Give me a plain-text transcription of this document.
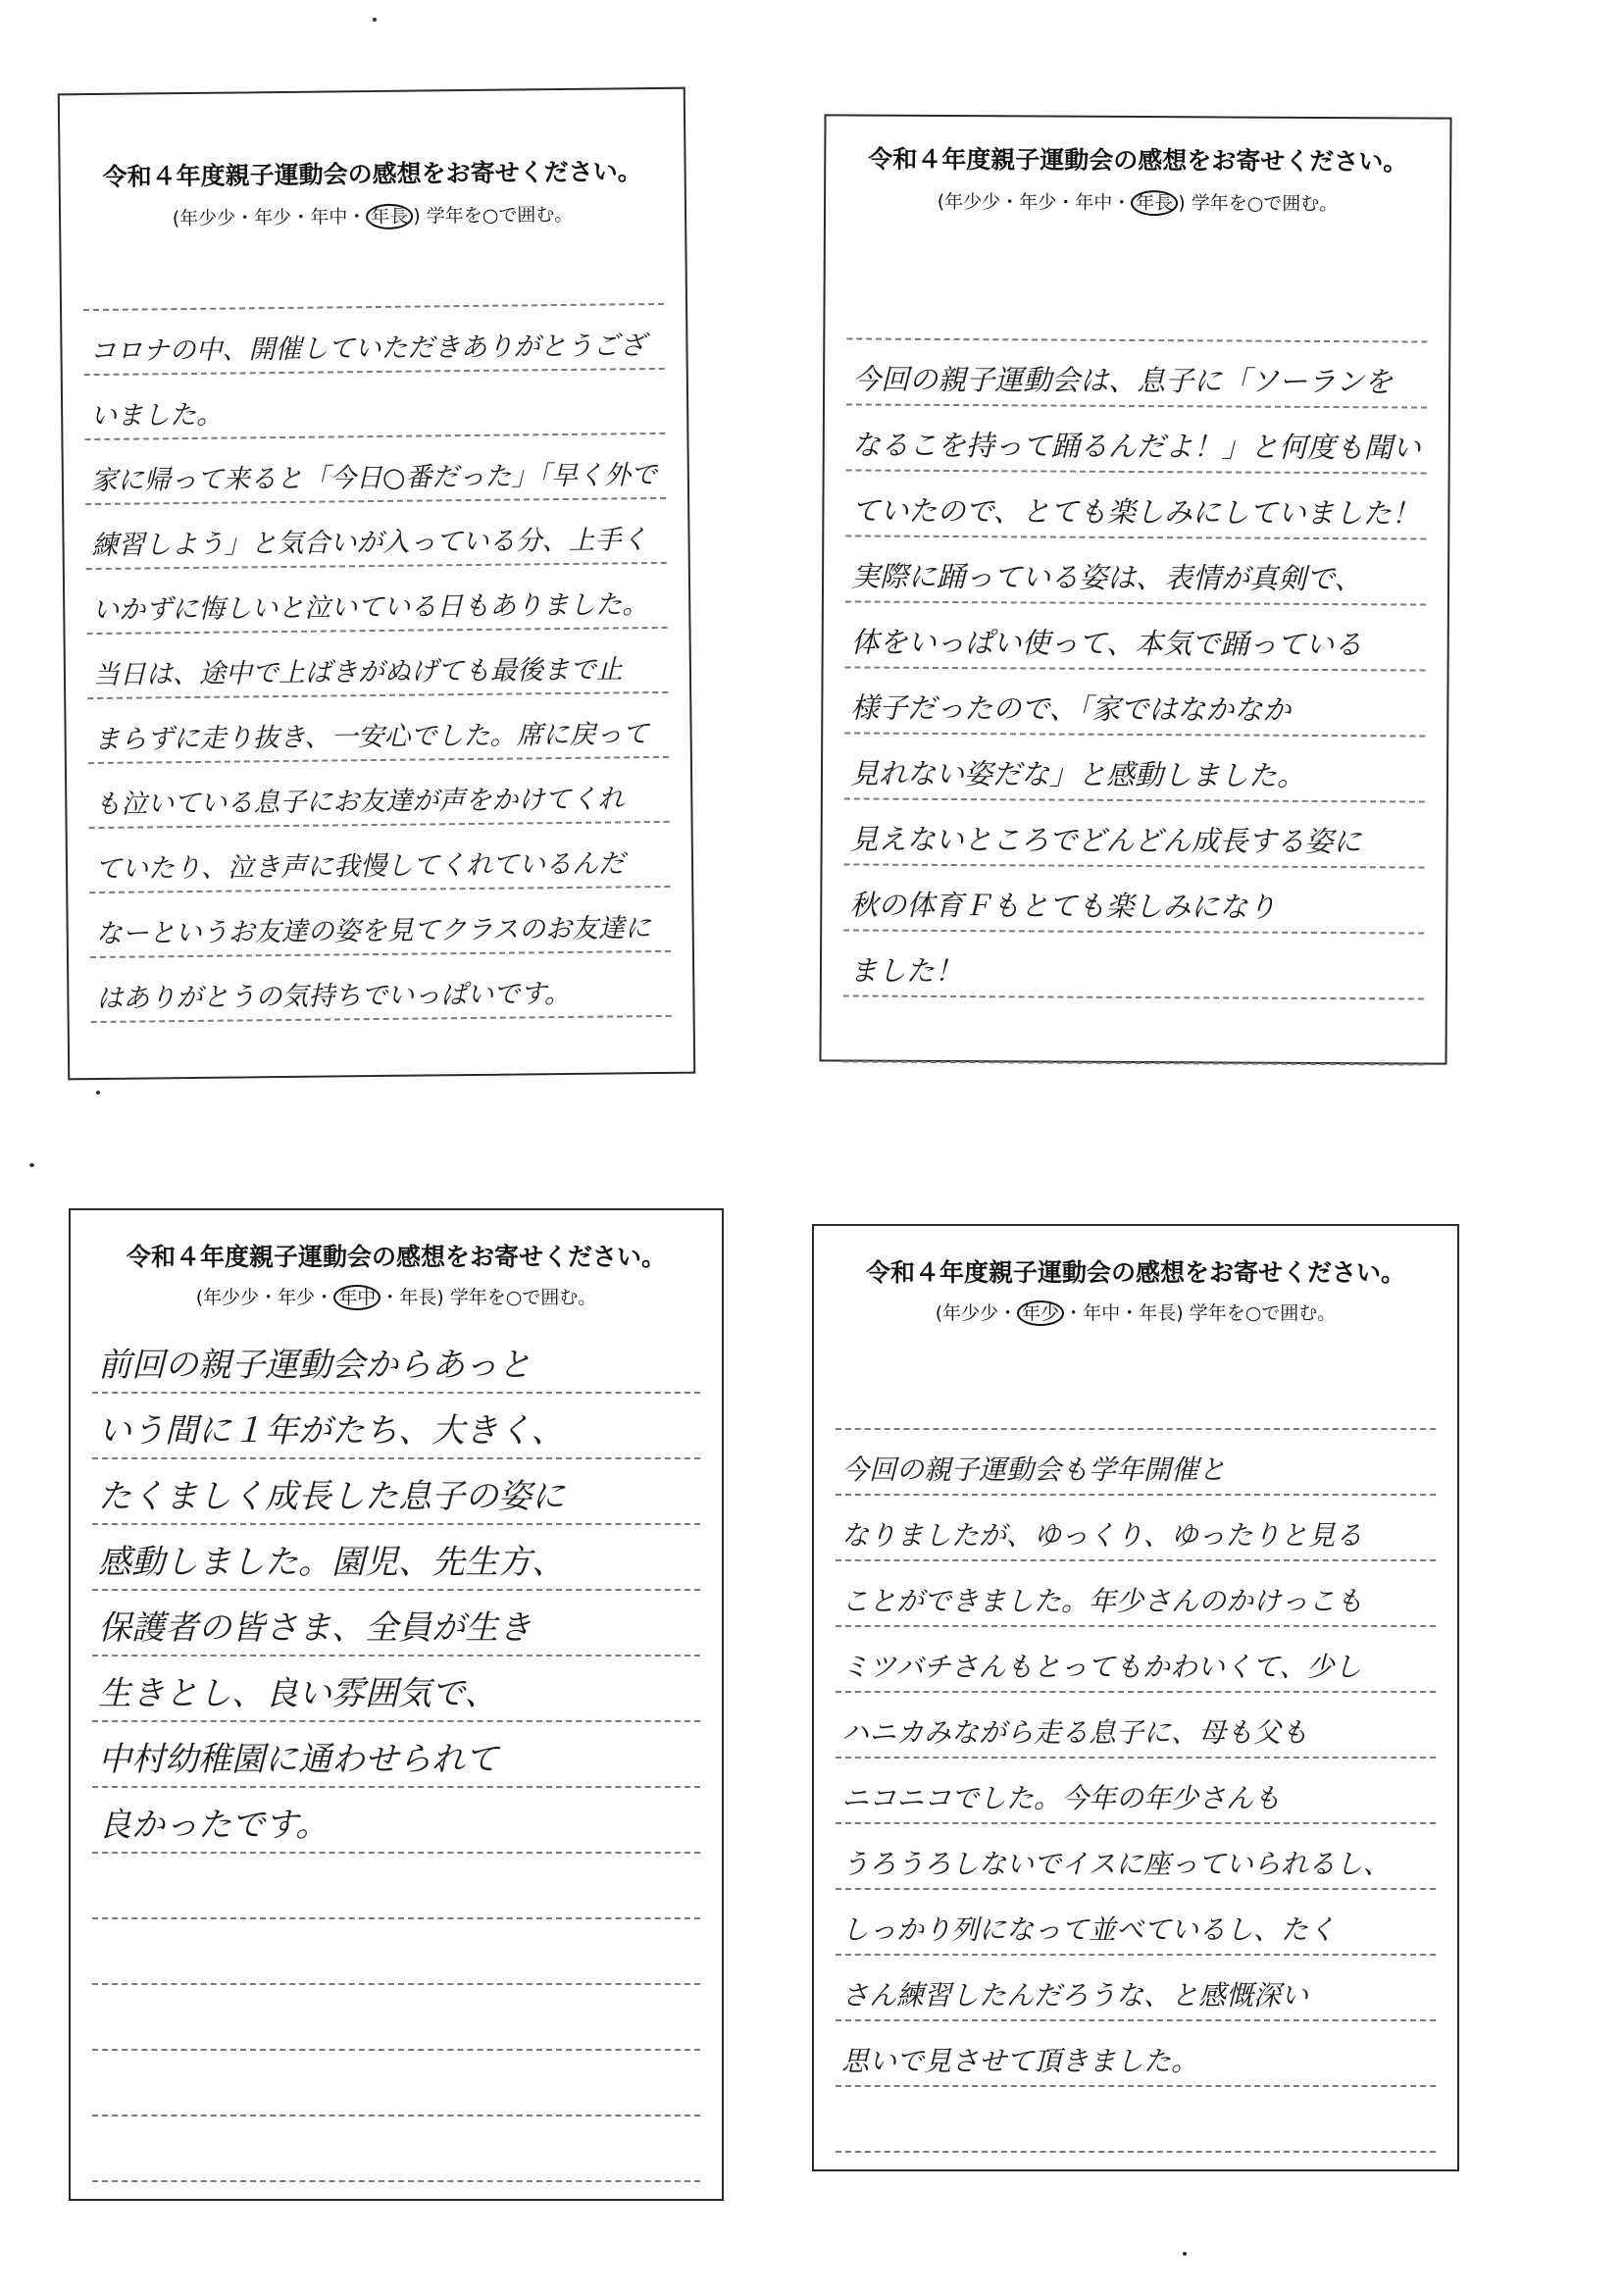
令和４年度親子運動会の感想をお寄せください。
(年少少・年少・年中・ 年長 ) 学年を○で囲む。
コロナの中、開催していただきありがとうござ
いました。
家に帰って来ると「今日○番だった」「早く外で
練習しよう」と気合いが入っている分、上手く
いかずに悔しいと泣いている日もありました。
当日は、途中で上ばきがぬげても最後まで止
まらずに走り抜き、一安心でした。席に戻って
も泣いている息子にお友達が声をかけてくれ
ていたり、泣き声に我慢してくれているんだ
なーというお友達の姿を見てクラスのお友達に
はありがとうの気持ちでいっぱいです。
令和４年度親子運動会の感想をお寄せください。
(年少少・年少・年中・ 年長 ) 学年を○で囲む。
今回の親子運動会は、息子に「ソーランを
なるこを持って踊るんだよ！」と何度も聞い
ていたので、とても楽しみにしていました！
実際に踊っている姿は、表情が真剣で、
体をいっぱい使って、本気で踊っている
様子だったので、「家ではなかなか
見れない姿だな」と感動しました。
見えないところでどんどん成長する姿に
秋の体育Ｆもとても楽しみになり
ました！
令和４年度親子運動会の感想をお寄せください。
(年少少・年少・ 年中 ・年長) 学年を○で囲む。
前回の親子運動会からあっと
いう間に１年がたち、大きく、
たくましく成長した息子の姿に
感動しました。園児、先生方、
保護者の皆さま、全員が生き
生きとし、良い雰囲気で、
中村幼稚園に通わせられて
良かったです。
令和４年度親子運動会の感想をお寄せください。
(年少少・ 年少 ・年中・年長) 学年を○で囲む。
今回の親子運動会も学年開催と
なりましたが、ゆっくり、ゆったりと見る
ことができました。年少さんのかけっこも
ミツバチさんもとってもかわいくて、少し
ハニカみながら走る息子に、母も父も
ニコニコでした。今年の年少さんも
うろうろしないでイスに座っていられるし、
しっかり列になって並べているし、たく
さん練習したんだろうな、と感慨深い
思いで見させて頂きました。
